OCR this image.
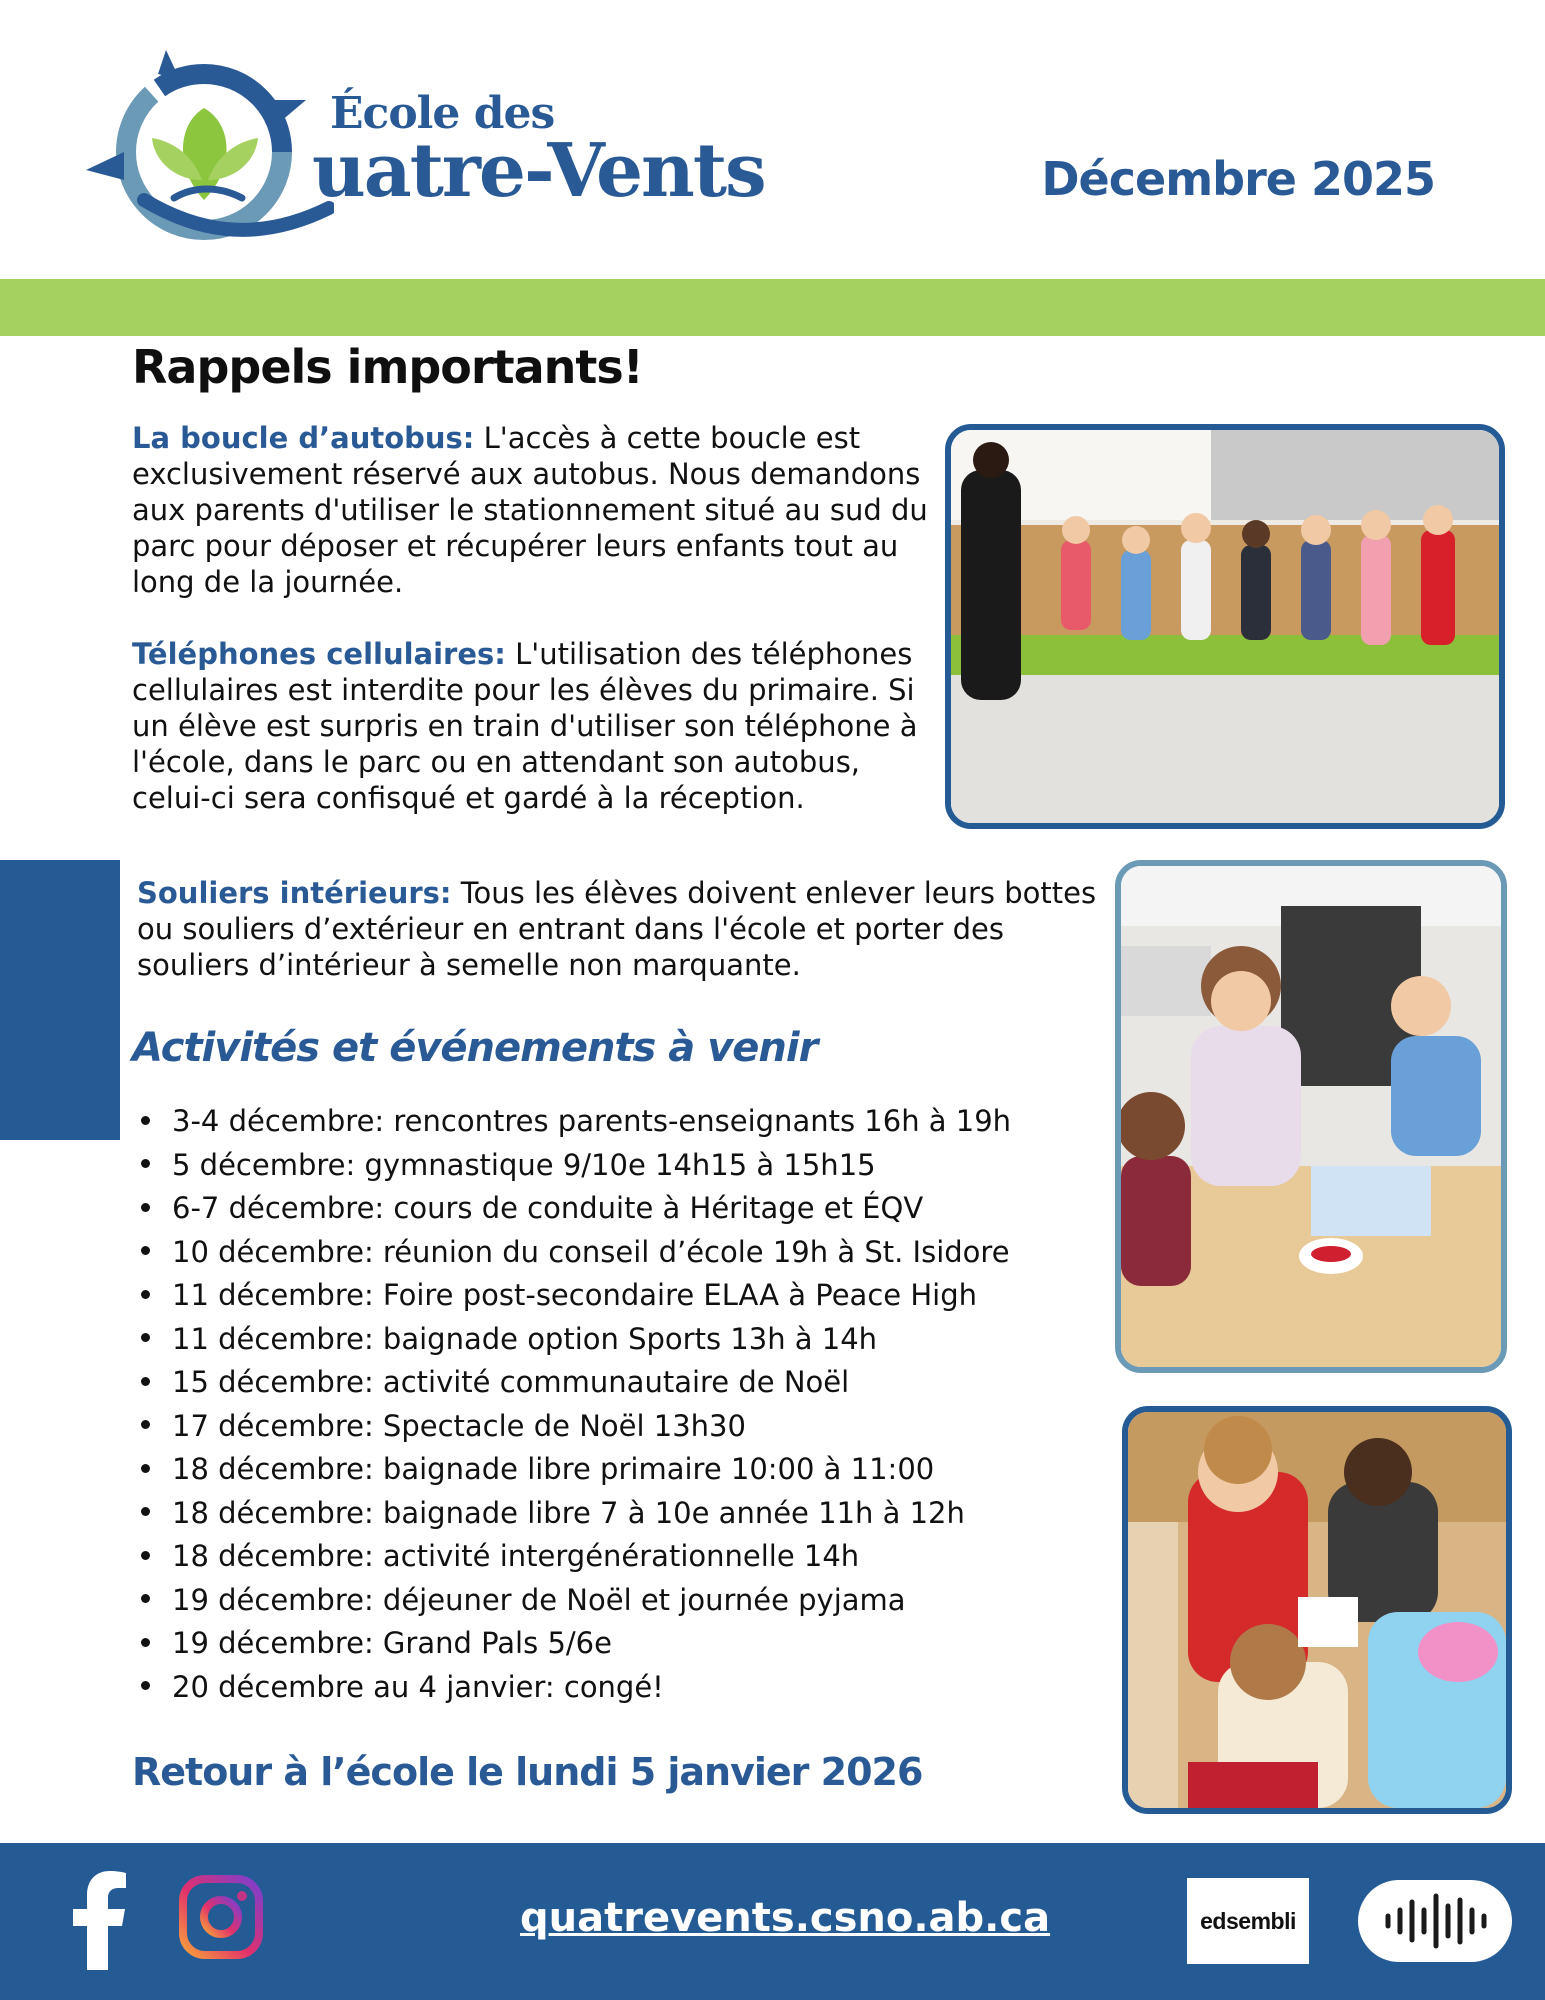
École des
uatre-Vents	Décembre 2025
Rappels importants!
La boucle d’autobus: L'accès à cette boucle est exclusivement réservé aux autobus. Nous demandons aux parents d'utiliser le stationnement situé au sud du parc pour déposer et récupérer leurs enfants tout au long de la journée.
Téléphones cellulaires: L'utilisation des téléphones cellulaires est interdite pour les élèves du primaire. Si un élève est surpris en train d'utiliser son téléphone à l'école, dans le parc ou en attendant son autobus, celui-ci sera confisqué et gardé à la réception.
Souliers intérieurs: Tous les élèves doivent enlever leurs bottes ou souliers d’extérieur en entrant dans l'école et porter des souliers d’intérieur à semelle non marquante.
Activités et événements à venir
3-4 décembre: rencontres parents-enseignants 16h à 19h
5 décembre: gymnastique 9/10e 14h15 à 15h15
6-7 décembre: cours de conduite à Héritage et ÉQV
10 décembre: réunion du conseil d’école 19h à St. Isidore
11 décembre: Foire post-secondaire ELAA à Peace High
11 décembre: baignade option Sports 13h à 14h
15 décembre: activité communautaire de Noël
17 décembre: Spectacle de Noël 13h30
18 décembre: baignade libre primaire 10:00 à 11:00
18 décembre: baignade libre 7 à 10e année 11h à 12h
18 décembre: activité intergénérationnelle 14h
19 décembre: déjeuner de Noël et journée pyjama
19 décembre: Grand Pals 5/6e
20 décembre au 4 janvier: congé!
Retour à l’école le lundi 5 janvier 2026
quatrevents.csno.ab.ca	edsembli
